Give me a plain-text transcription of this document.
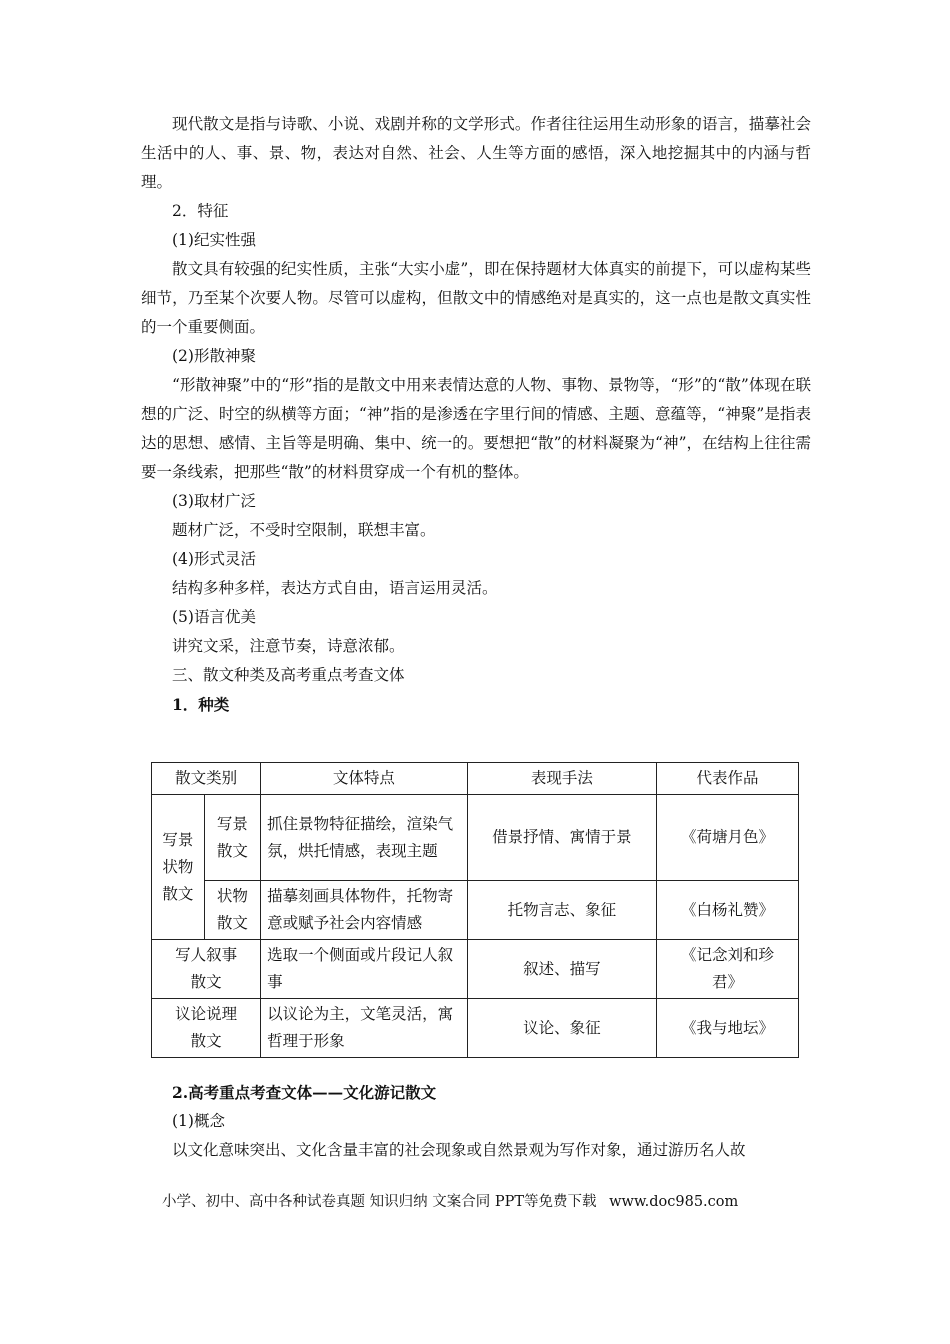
现代散文是指与诗歌、小说、戏剧并称的文学形式。作者往往运用生动形象的语言，描摹社会生活中的人、事、景、物，表达对自然、社会、人生等方面的感悟，深入地挖掘其中的内涵与哲理。

2．特征
(1)纪实性强

散文具有较强的纪实性质，主张“大实小虚”，即在保持题材大体真实的前提下，可以虚构某些细节，乃至某个次要人物。尽管可以虚构，但散文中的情感绝对是真实的，这一点也是散文真实性的一个重要侧面。

(2)形散神聚

“形散神聚”中的“形”指的是散文中用来表情达意的人物、事物、景物等，“形”的“散”体现在联想的广泛、时空的纵横等方面；“神”指的是渗透在字里行间的情感、主题、意蕴等，“神聚”是指表达的思想、感情、主旨等是明确、集中、统一的。要想把“散”的材料凝聚为“神”，在结构上往往需要一条线索，把那些“散”的材料贯穿成一个有机的整体。

(3)取材广泛
题材广泛，不受时空限制，联想丰富。
(4)形式灵活
结构多种多样，表达方式自由，语言运用灵活。
(5)语言优美
讲究文采，注意节奏，诗意浓郁。
三、散文种类及高考重点考查文体
1．种类
散文类别		文体特点	表现手法	代表作品
写景状物散文	写景散文	抓住景物特征描绘，渲染气氛，烘托情感，表现主题	借景抒情、寓情于景	《荷塘月色》
	状物散文	描摹刻画具体物件，托物寄意或赋予社会内容情感	托物言志、象征	《白杨礼赞》
写人叙事散文		选取一个侧面或片段记人叙事	叙述、描写	《记念刘和珍君》
议论说理散文		以议论为主，文笔灵活，寓哲理于形象	议论、象征	《我与地坛》
2.高考重点考查文体——文化游记散文
(1)概念
以文化意味突出、文化含量丰富的社会现象或自然景观为写作对象，通过游历名人故
小学、初中、高中各种试卷真题 知识归纳 文案合同 PPT等免费下载 www.doc985.com
